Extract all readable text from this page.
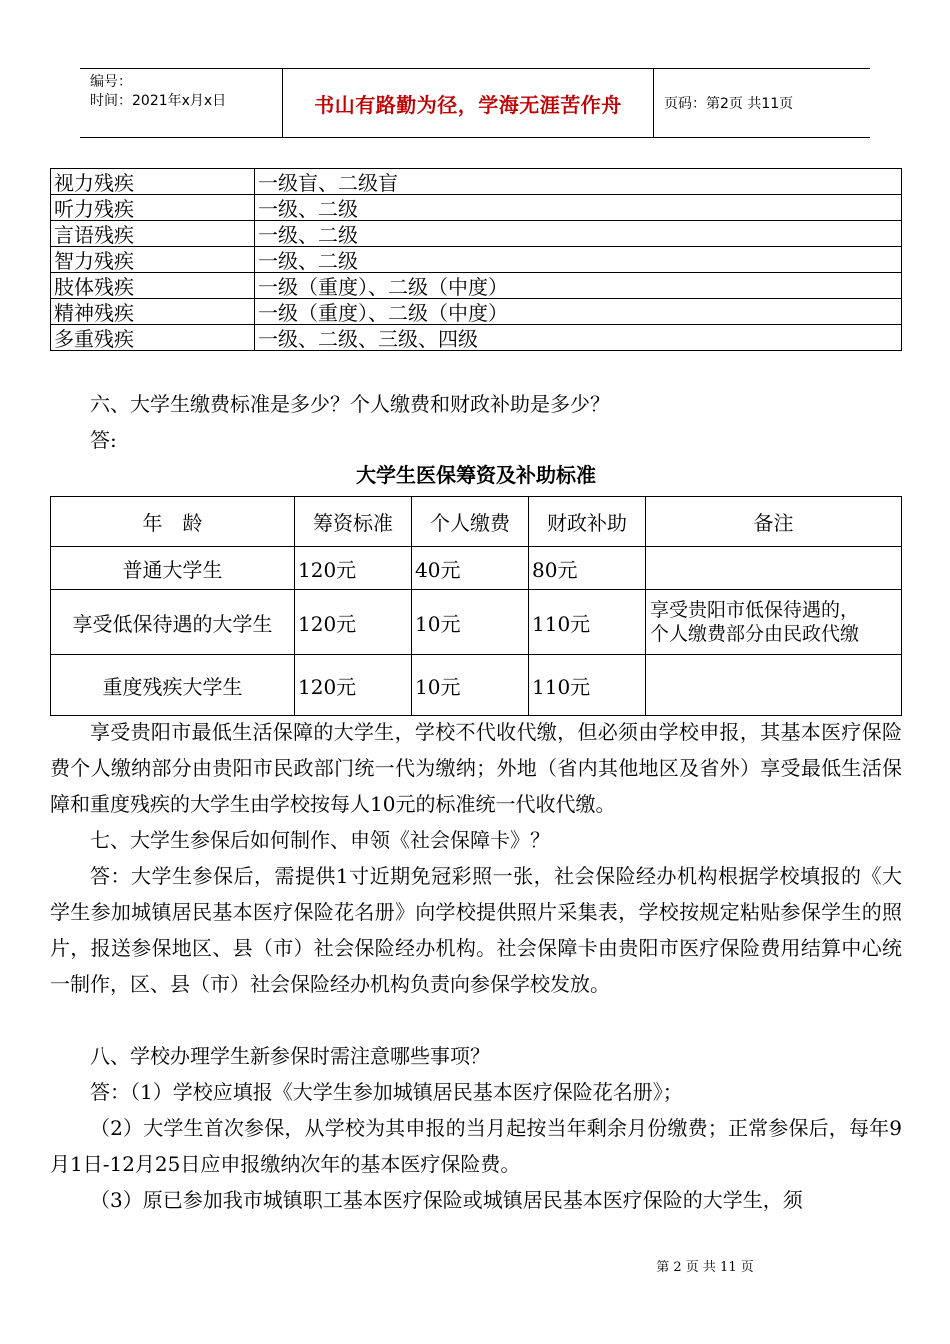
编号：
时间：2021年x月x日	书山有路勤为径，学海无涯苦作舟	页码：第2页 共11页
视力残疾	一级盲、二级盲
听力残疾	一级、二级
言语残疾	一级、二级
智力残疾	一级、二级
肢体残疾	一级（重度）、二级（中度）
精神残疾	一级（重度）、二级（中度）
多重残疾	一级、二级、三级、四级

六、大学生缴费标准是多少？个人缴费和财政补助是多少？

答:

大学生医保筹资及补助标准
年　龄	筹资标准	个人缴费	财政补助	备注
普通大学生	120元	40元	80元	
享受低保待遇的大学生	120元	10元	110元	享受贵阳市低保待遇的，
个人缴费部分由民政代缴

重度残疾大学生	120元	10元	110元	

享受贵阳市最低生活保障的大学生，学校不代收代缴，但必须由学校申报，其基本医疗保险费个人缴纳部分由贵阳市民政部门统一代为缴纳；外地（省内其他地区及省外）享受最低生活保障和重度残疾的大学生由学校按每人10元的标准统一代收代缴。

七、大学生参保后如何制作、申领《社会保障卡》？

答：大学生参保后，需提供1寸近期免冠彩照一张，社会保险经办机构根据学校填报的《大学生参加城镇居民基本医疗保险花名册》向学校提供照片采集表，学校按规定粘贴参保学生的照片，报送参保地区、县（市）社会保险经办机构。社会保障卡由贵阳市医疗保险费用结算中心统一制作，区、县（市）社会保险经办机构负责向参保学校发放。

八、学校办理学生新参保时需注意哪些事项？

答：（1）学校应填报《大学生参加城镇居民基本医疗保险花名册》；

（2）大学生首次参保，从学校为其申报的当月起按当年剩余月份缴费；正常参保后，每年9月1日-12月25日应申报缴纳次年的基本医疗保险费。

（3）原已参加我市城镇职工基本医疗保险或城镇居民基本医疗保险的大学生，须

第 2 页 共 11 页
